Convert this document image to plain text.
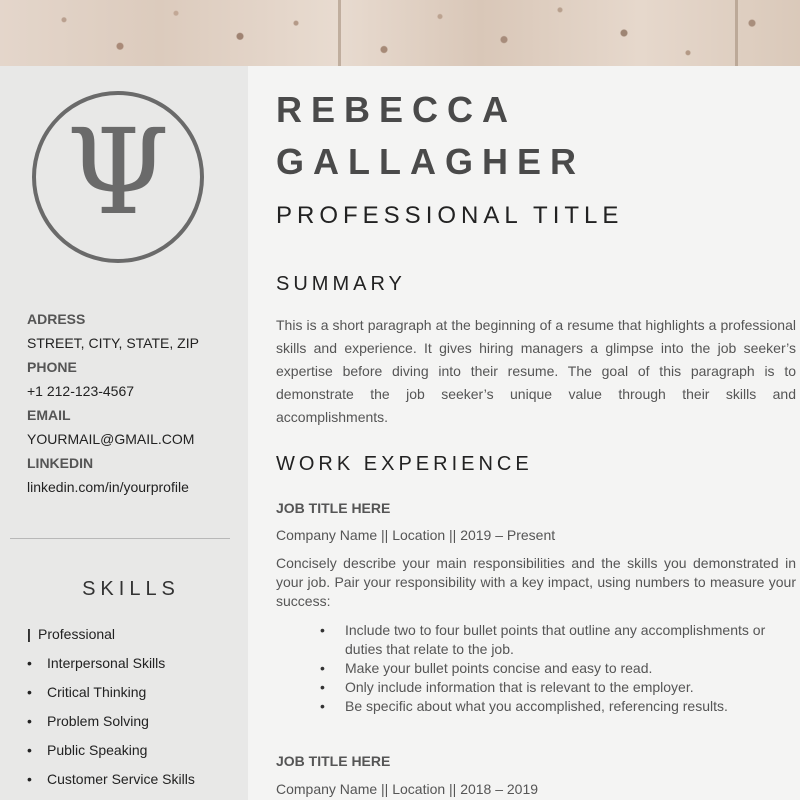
Ψ
ADRESS
STREET, CITY, STATE, ZIP
PHONE
+1 212-123-4567
EMAIL
YOURMAIL@GMAIL.COM
LINKEDIN
linkedin.com/in/yourprofile
SKILLS
| Professional
• Interpersonal Skills
• Critical Thinking
• Problem Solving
• Public Speaking
• Customer Service Skills
REBECCA
GALLAGHER
PROFESSIONAL TITLE
SUMMARY
This is a short paragraph at the beginning of a resume that highlights a professional skills and experience. It gives hiring managers a glimpse into the job seeker’s expertise before diving into their resume. The goal of this paragraph is to demonstrate the job seeker’s unique value through their skills and accomplishments.
WORK EXPERIENCE
JOB TITLE HERE
Company Name || Location || 2019 – Present
Concisely describe your main responsibilities and the skills you demonstrated in your job. Pair your responsibility with a key impact, using numbers to measure your success:
• Include two to four bullet points that outline any accomplishments or duties that relate to the job.
• Make your bullet points concise and easy to read.
• Only include information that is relevant to the employer.
• Be specific about what you accomplished, referencing results.
JOB TITLE HERE
Company Name || Location || 2018 – 2019
